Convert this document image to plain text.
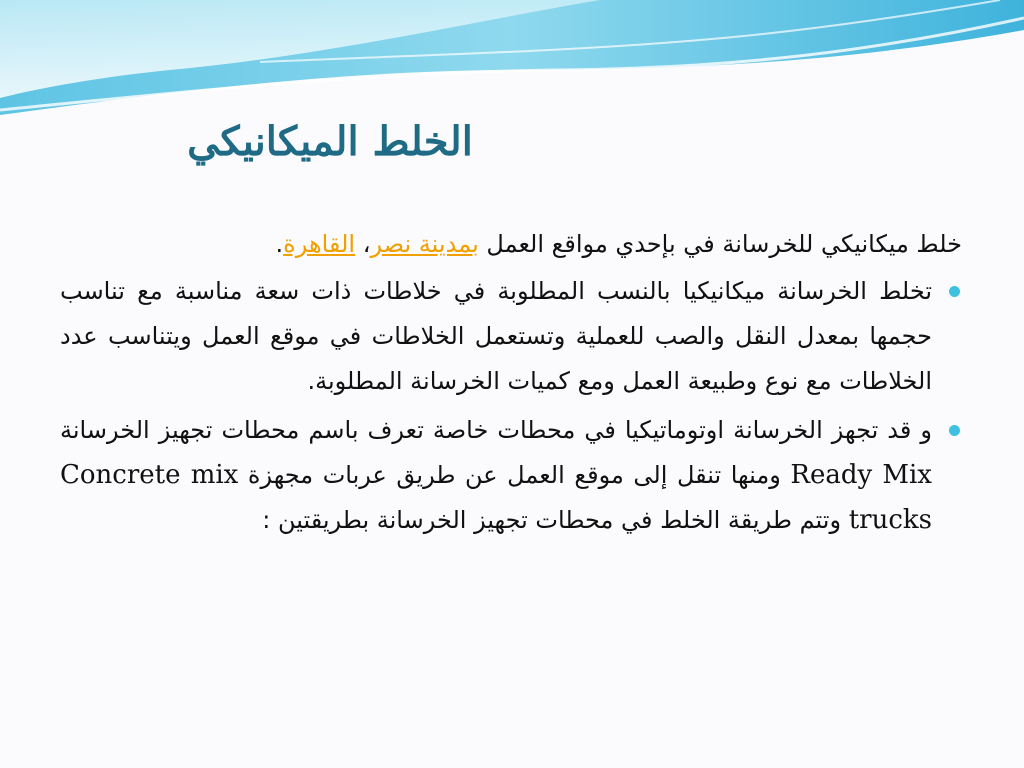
الخلط الميكانيكي

خلط ميكانيكي للخرسانة في بإحدي مواقع العمل بمدينة نصر، القاهرة.

تخلط الخرسانة ميكانيكيا بالنسب المطلوبة في خلاطات ذات سعة مناسبة مع تناسب حجمها بمعدل النقل والصب للعملية وتستعمل الخلاطات في موقع العمل ويتناسب عدد الخلاطات مع نوع وطبيعة العمل ومع كميات الخرسانة المطلوبة.
و قد تجهز الخرسانة اوتوماتيكيا في محطات خاصة تعرف باسم محطات تجهيز الخرسانة Ready Mix ومنها تنقل إلى موقع العمل عن طريق عربات مجهزة Concrete mix trucks وتتم طريقة الخلط في محطات تجهيز الخرسانة بطريقتين :
